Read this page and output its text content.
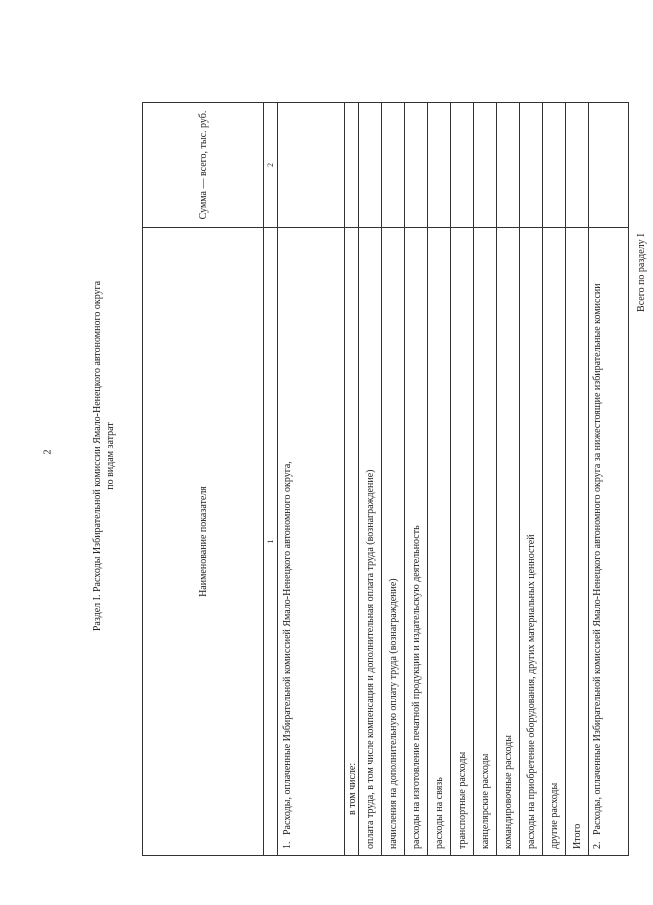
2	Раздел I. Расходы Избирательной комиссии Ямало-Ненецкого автономного округа по видам затрат
Наименование показателя	Сумма — всего, тыс. руб.
1	2
1.Расходы, оплаченные Избирательной комиссией Ямало-Ненецкого автономного округа,	
в том числе:	
оплата труда, в том числе компенсация и дополнительная оплата труда (вознаграждение)	
начисления на дополнительную оплату труда (вознаграждение)	
расходы на изготовление печатной продукции и издательскую деятельность	
расходы на связь	
транспортные расходы	
канцелярские расходы	
командировочные расходы	
расходы на приобретение оборудования, других материальных ценностей	
другие расходы	
Итого	
2.Расходы, оплаченные Избирательной комиссией Ямало-Ненецкого автономного округа за нижестоящие избирательные комиссии	
Всего по разделу I	
